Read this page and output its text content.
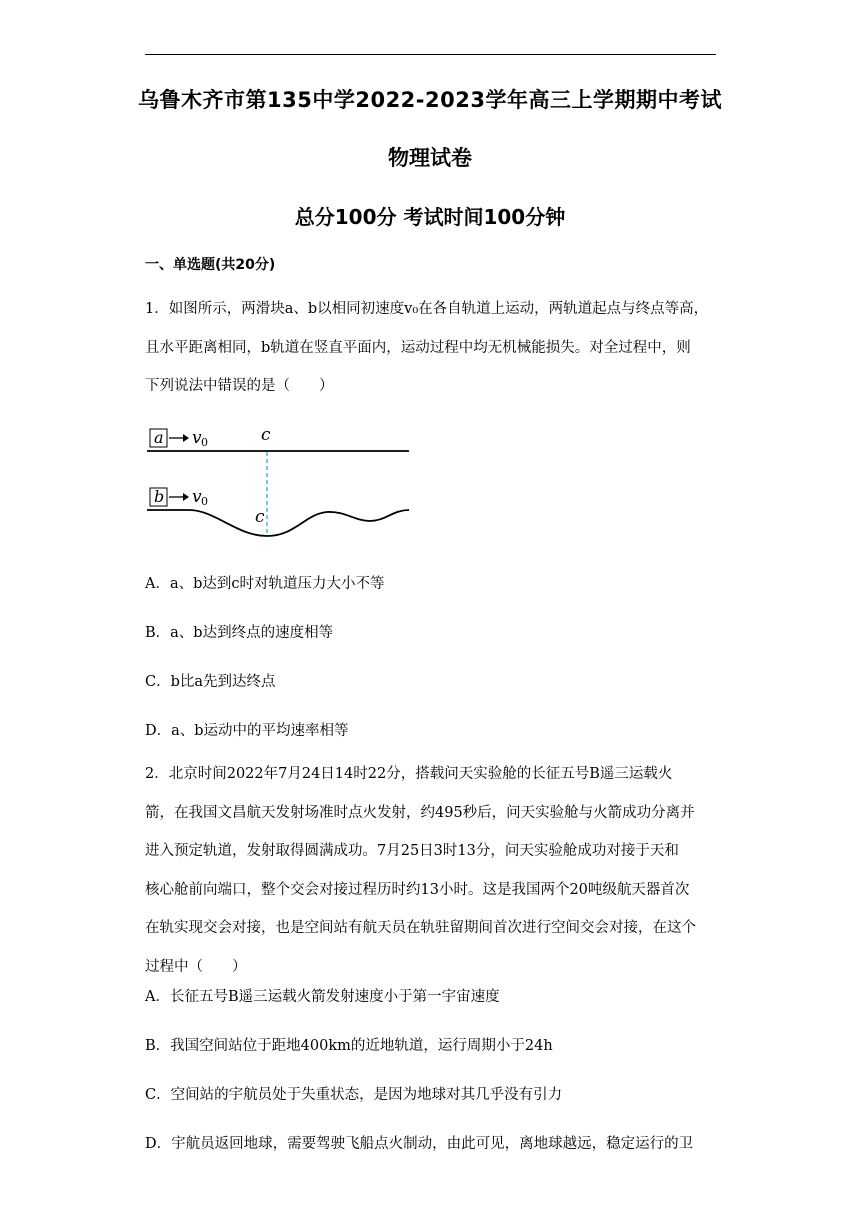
乌鲁木齐市第135中学2022-2023学年高三上学期期中考试
物理试卷
总分100分 考试时间100分钟
一、单选题(共20分)
1．如图所示，两滑块a、b以相同初速度v₀在各自轨道上运动，两轨道起点与终点等高，
且水平距离相同，b轨道在竖直平面内，运动过程中均无机械能损失。对全过程中，则
下列说法中错误的是（　　）
a v 0	c
b v 0
c
A．a、b达到c时对轨道压力大小不等
B．a、b达到终点的速度相等
C．b比a先到达终点
D．a、b运动中的平均速率相等
2．北京时间2022年7月24日14时22分，搭载问天实验舱的长征五号B遥三运载火
箭，在我国文昌航天发射场准时点火发射，约495秒后，问天实验舱与火箭成功分离并
进入预定轨道，发射取得圆满成功。7月25日3时13分，问天实验舱成功对接于天和
核心舱前向端口，整个交会对接过程历时约13小时。这是我国两个20吨级航天器首次
在轨实现交会对接，也是空间站有航天员在轨驻留期间首次进行空间交会对接，在这个
过程中（　　）
A．长征五号B遥三运载火箭发射速度小于第一宇宙速度
B．我国空间站位于距地400km的近地轨道，运行周期小于24h
C．空间站的宇航员处于失重状态，是因为地球对其几乎没有引力
D．宇航员返回地球，需要驾驶飞船点火制动，由此可见，离地球越远，稳定运行的卫
